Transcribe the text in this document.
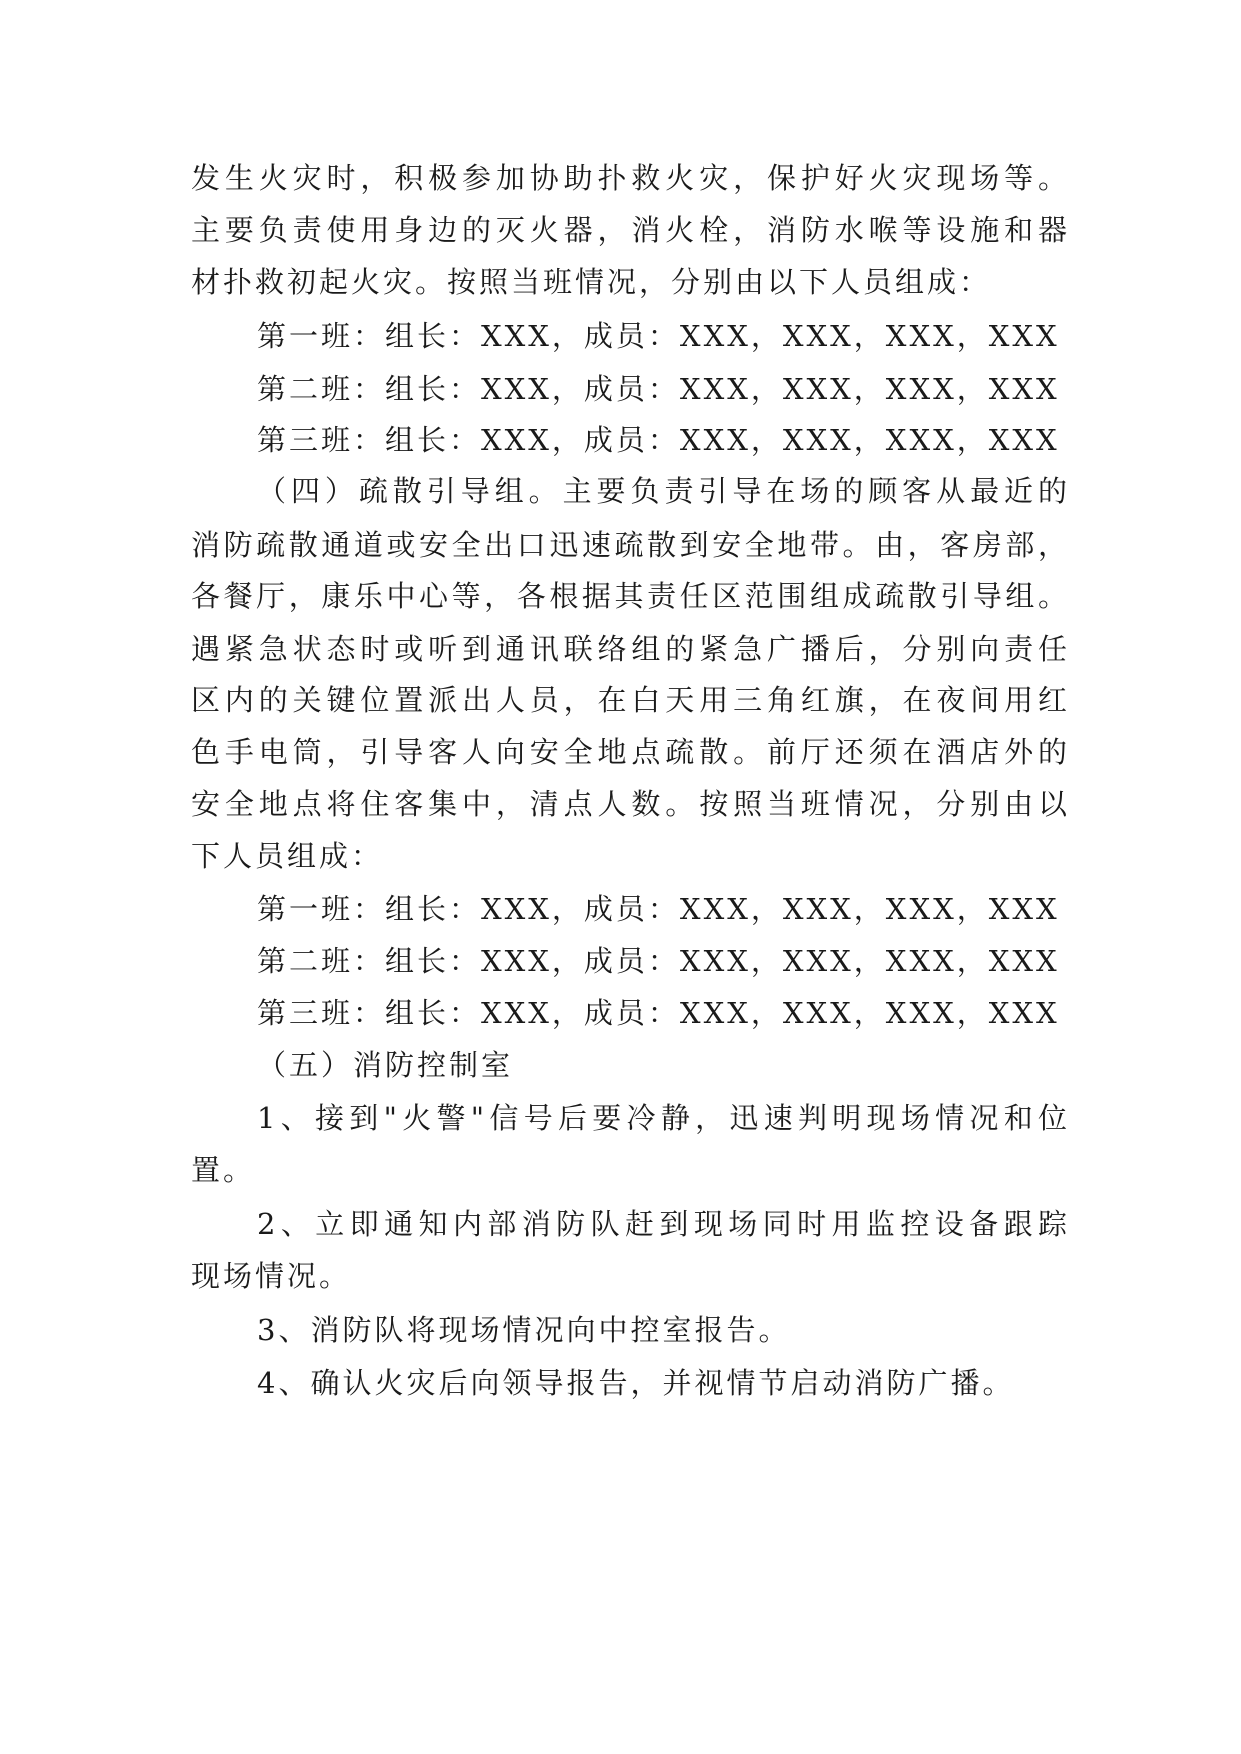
发生火灾时，积极参加协助扑救火灾，保护好火灾现场等。
主要负责使用身边的灭火器，消火栓，消防水喉等设施和器
材扑救初起火灾。按照当班情况，分别由以下人员组成：
第一班：组长：XXX，成员：XXX，XXX，XXX，XXX
第二班：组长：XXX，成员：XXX，XXX，XXX，XXX
第三班：组长：XXX，成员：XXX，XXX，XXX，XXX
（四）疏散引导组。主要负责引导在场的顾客从最近的
消防疏散通道或安全出口迅速疏散到安全地带。由，客房部，
各餐厅，康乐中心等，各根据其责任区范围组成疏散引导组。
遇紧急状态时或听到通讯联络组的紧急广播后，分别向责任
区内的关键位置派出人员，在白天用三角红旗，在夜间用红
色手电筒，引导客人向安全地点疏散。前厅还须在酒店外的
安全地点将住客集中，清点人数。按照当班情况，分别由以
下人员组成：
第一班：组长：XXX，成员：XXX，XXX，XXX，XXX
第二班：组长：XXX，成员：XXX，XXX，XXX，XXX
第三班：组长：XXX，成员：XXX，XXX，XXX，XXX
（五）消防控制室
1、接到"火警"信号后要冷静，迅速判明现场情况和位
置。
2、立即通知内部消防队赶到现场同时用监控设备跟踪
现场情况。
3、消防队将现场情况向中控室报告。
4、确认火灾后向领导报告，并视情节启动消防广播。
